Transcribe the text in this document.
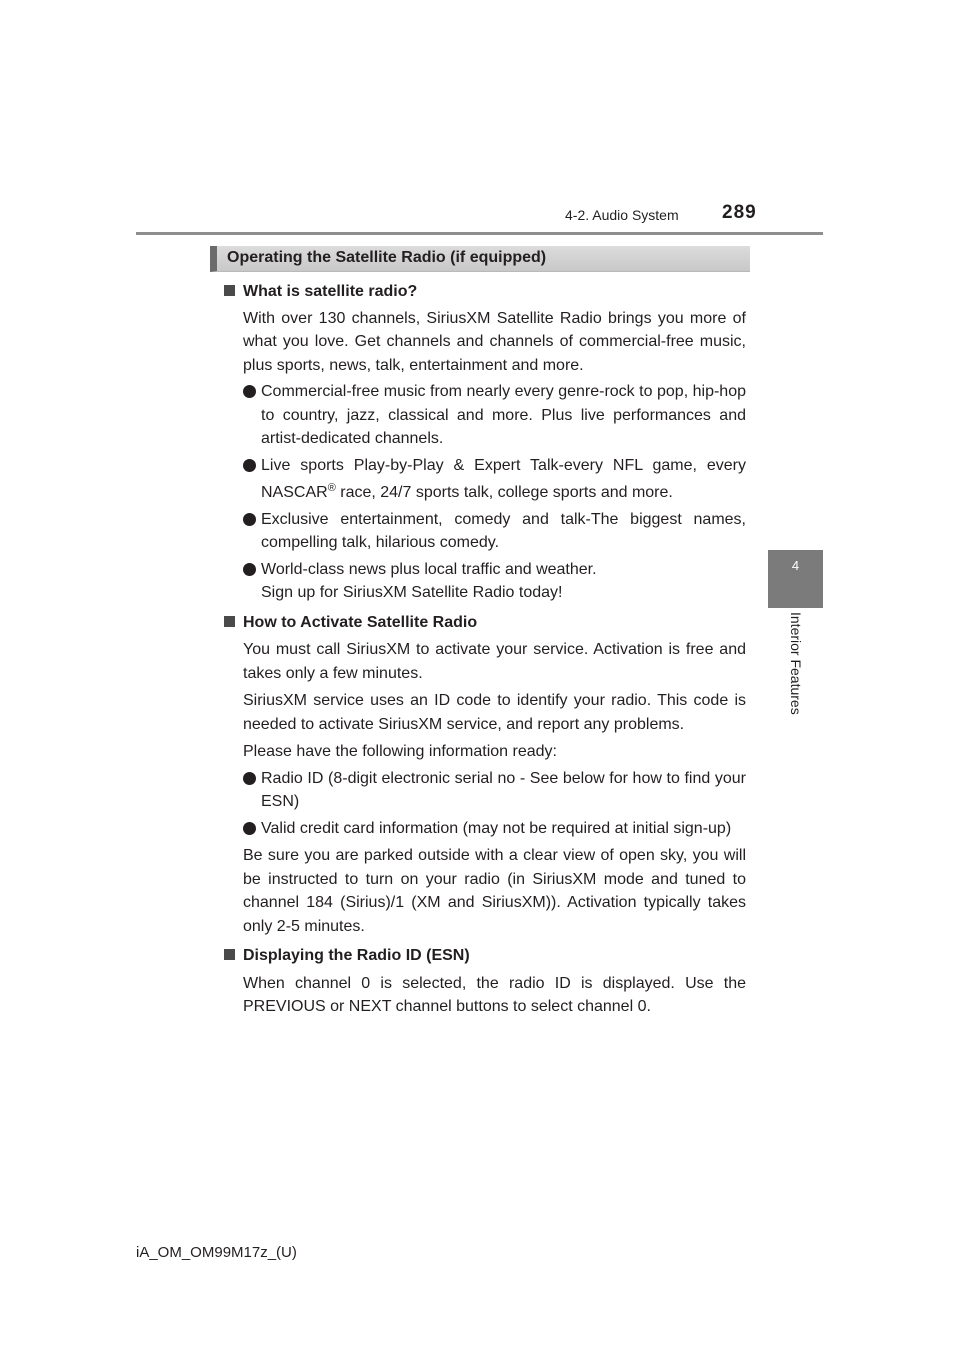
4-2. Audio System 289
4
Interior Features
Operating the Satellite Radio (if equipped)
What is satellite radio?
With over 130 channels, SiriusXM Satellite Radio brings you more of what you love. Get channels and channels of commercial-free music, plus sports, news, talk, entertainment and more.
Commercial-free music from nearly every genre-rock to pop, hip-hop to country, jazz, classical and more. Plus live performances and artist-dedicated channels.
Live sports Play-by-Play & Expert Talk-every NFL game, every NASCAR® race, 24/7 sports talk, college sports and more.
Exclusive entertainment, comedy and talk-The biggest names, compelling talk, hilarious comedy.
World-class news plus local traffic and weather.
Sign up for SiriusXM Satellite Radio today!
How to Activate Satellite Radio
You must call SiriusXM to activate your service. Activation is free and takes only a few minutes.
SiriusXM service uses an ID code to identify your radio. This code is needed to activate SiriusXM service, and report any problems.
Please have the following information ready:
Radio ID (8-digit electronic serial no - See below for how to find your ESN)
Valid credit card information (may not be required at initial sign-up)
Be sure you are parked outside with a clear view of open sky, you will be instructed to turn on your radio (in SiriusXM mode and tuned to channel 184 (Sirius)/1 (XM and SiriusXM)). Activation typically takes only 2-5 minutes.
Displaying the Radio ID (ESN)
When channel 0 is selected, the radio ID is displayed. Use the PREVIOUS or NEXT channel buttons to select channel 0.
iA_OM_OM99M17z_(U)
